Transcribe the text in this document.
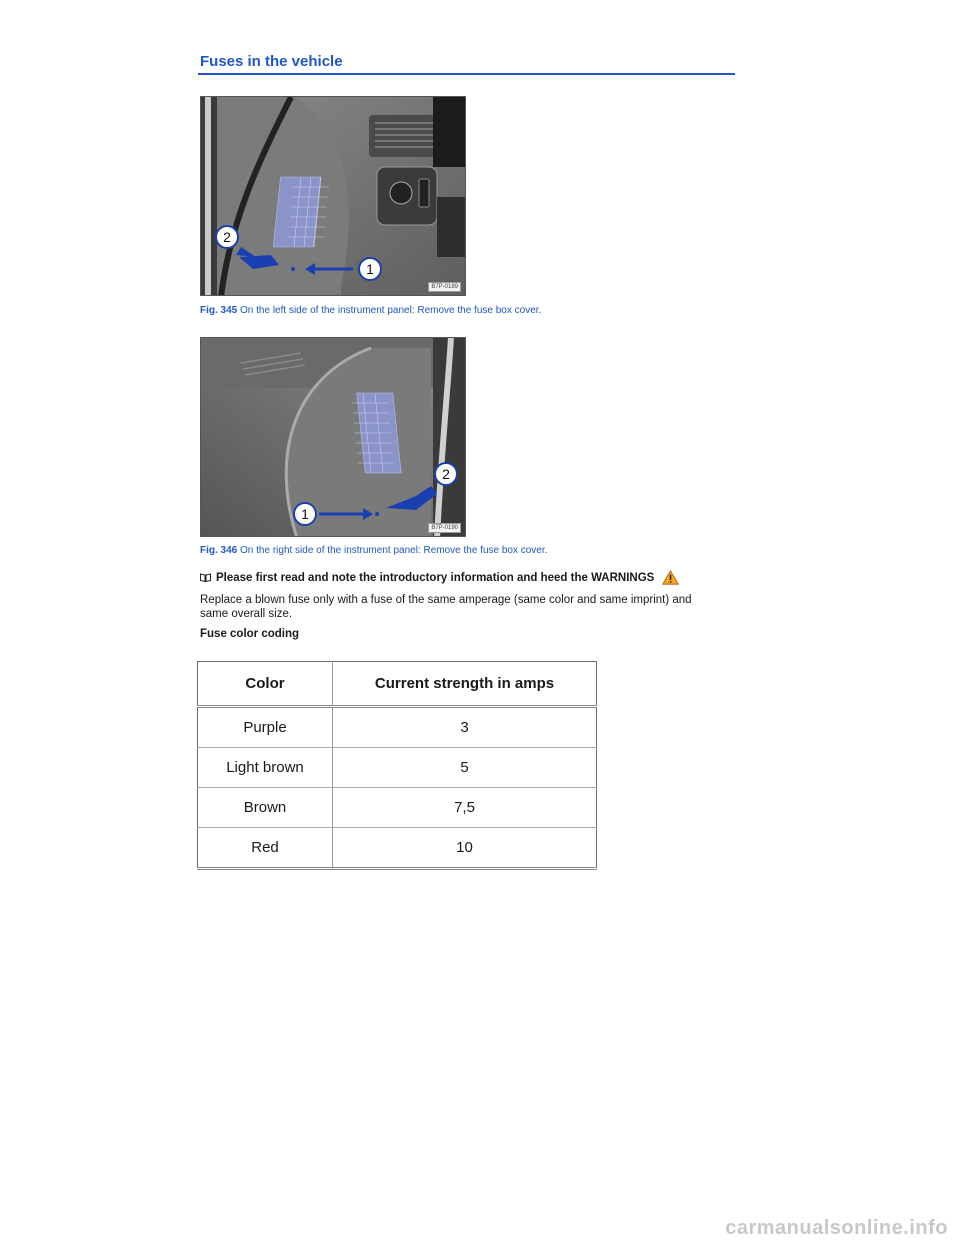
Fuses in the vehicle
2
1
B7P-0189
Fig. 345 On the left side of the instrument panel: Remove the fuse box cover.
1
2
B7P-0190
Fig. 346 On the right side of the instrument panel: Remove the fuse box cover.
Please first read and note the introductory information and heed the WARNINGS
Replace a blown fuse only with a fuse of the same amperage (same color and same imprint) and same overall size.
Fuse color coding
Color	Current strength in amps
Purple	3
Light brown	5
Brown	7,5
Red	10
carmanualsonline.info
